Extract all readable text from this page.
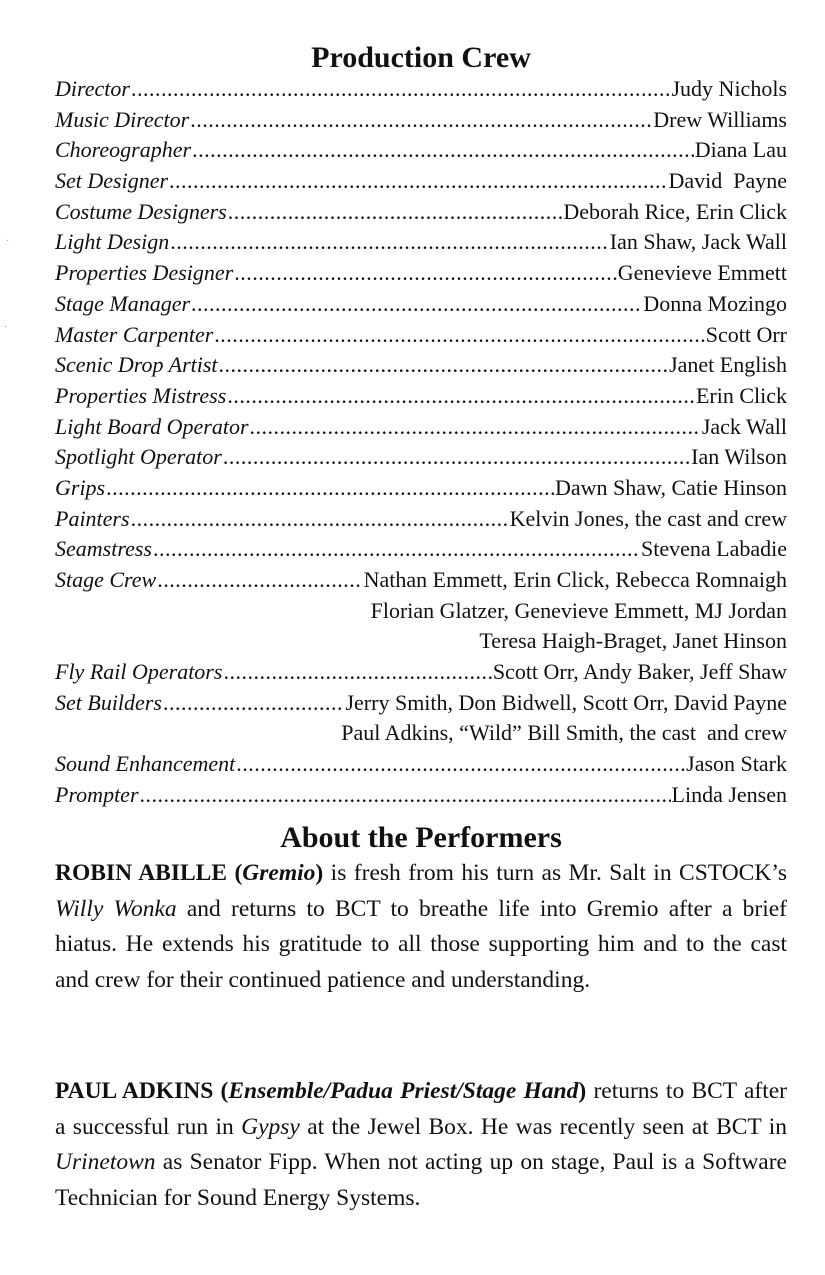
·
·
Production Crew
Director .....	Judy Nichols
Music Director .....	Drew Williams
Choreographer .....	Diana Lau
Set Designer .....	David  Payne
Costume Designers .....	Deborah Rice, Erin Click
Light Design .....	Ian Shaw, Jack Wall
Properties Designer .....	Genevieve Emmett
Stage Manager .....	Donna Mozingo
Master Carpenter .....	Scott Orr
Scenic Drop Artist .....	Janet English
Properties Mistress .....	Erin Click
Light Board Operator .....	Jack Wall
Spotlight Operator .....	Ian Wilson
Grips .....	Dawn Shaw, Catie Hinson
Painters .....	Kelvin Jones, the cast and crew
Seamstress .....	Stevena Labadie
Stage Crew .....	Nathan Emmett, Erin Click, Rebecca Romnaigh
Florian Glatzer, Genevieve Emmett, MJ Jordan
Teresa Haigh-Braget, Janet Hinson
Fly Rail Operators .....	Scott Orr, Andy Baker, Jeff Shaw
Set Builders .....	Jerry Smith, Don Bidwell, Scott Orr, David Payne
Paul Adkins, “Wild” Bill Smith, the cast  and crew
Sound Enhancement .....	Jason Stark
Prompter .....	Linda Jensen
About the Performers

ROBIN ABILLE (Gremio) is fresh from his turn as Mr. Salt in CSTOCK’s Willy Wonka and returns to BCT to breathe life into Gremio after a brief hiatus. He extends his gratitude to all those supporting him and to the cast and crew for their continued patience and understanding.

PAUL ADKINS (Ensemble/Padua Priest/Stage Hand) returns to BCT after a successful run in Gypsy at the Jewel Box. He was recently seen at BCT in Urinetown as Senator Fipp. When not acting up on stage, Paul is a Software Technician for Sound Energy Systems.
